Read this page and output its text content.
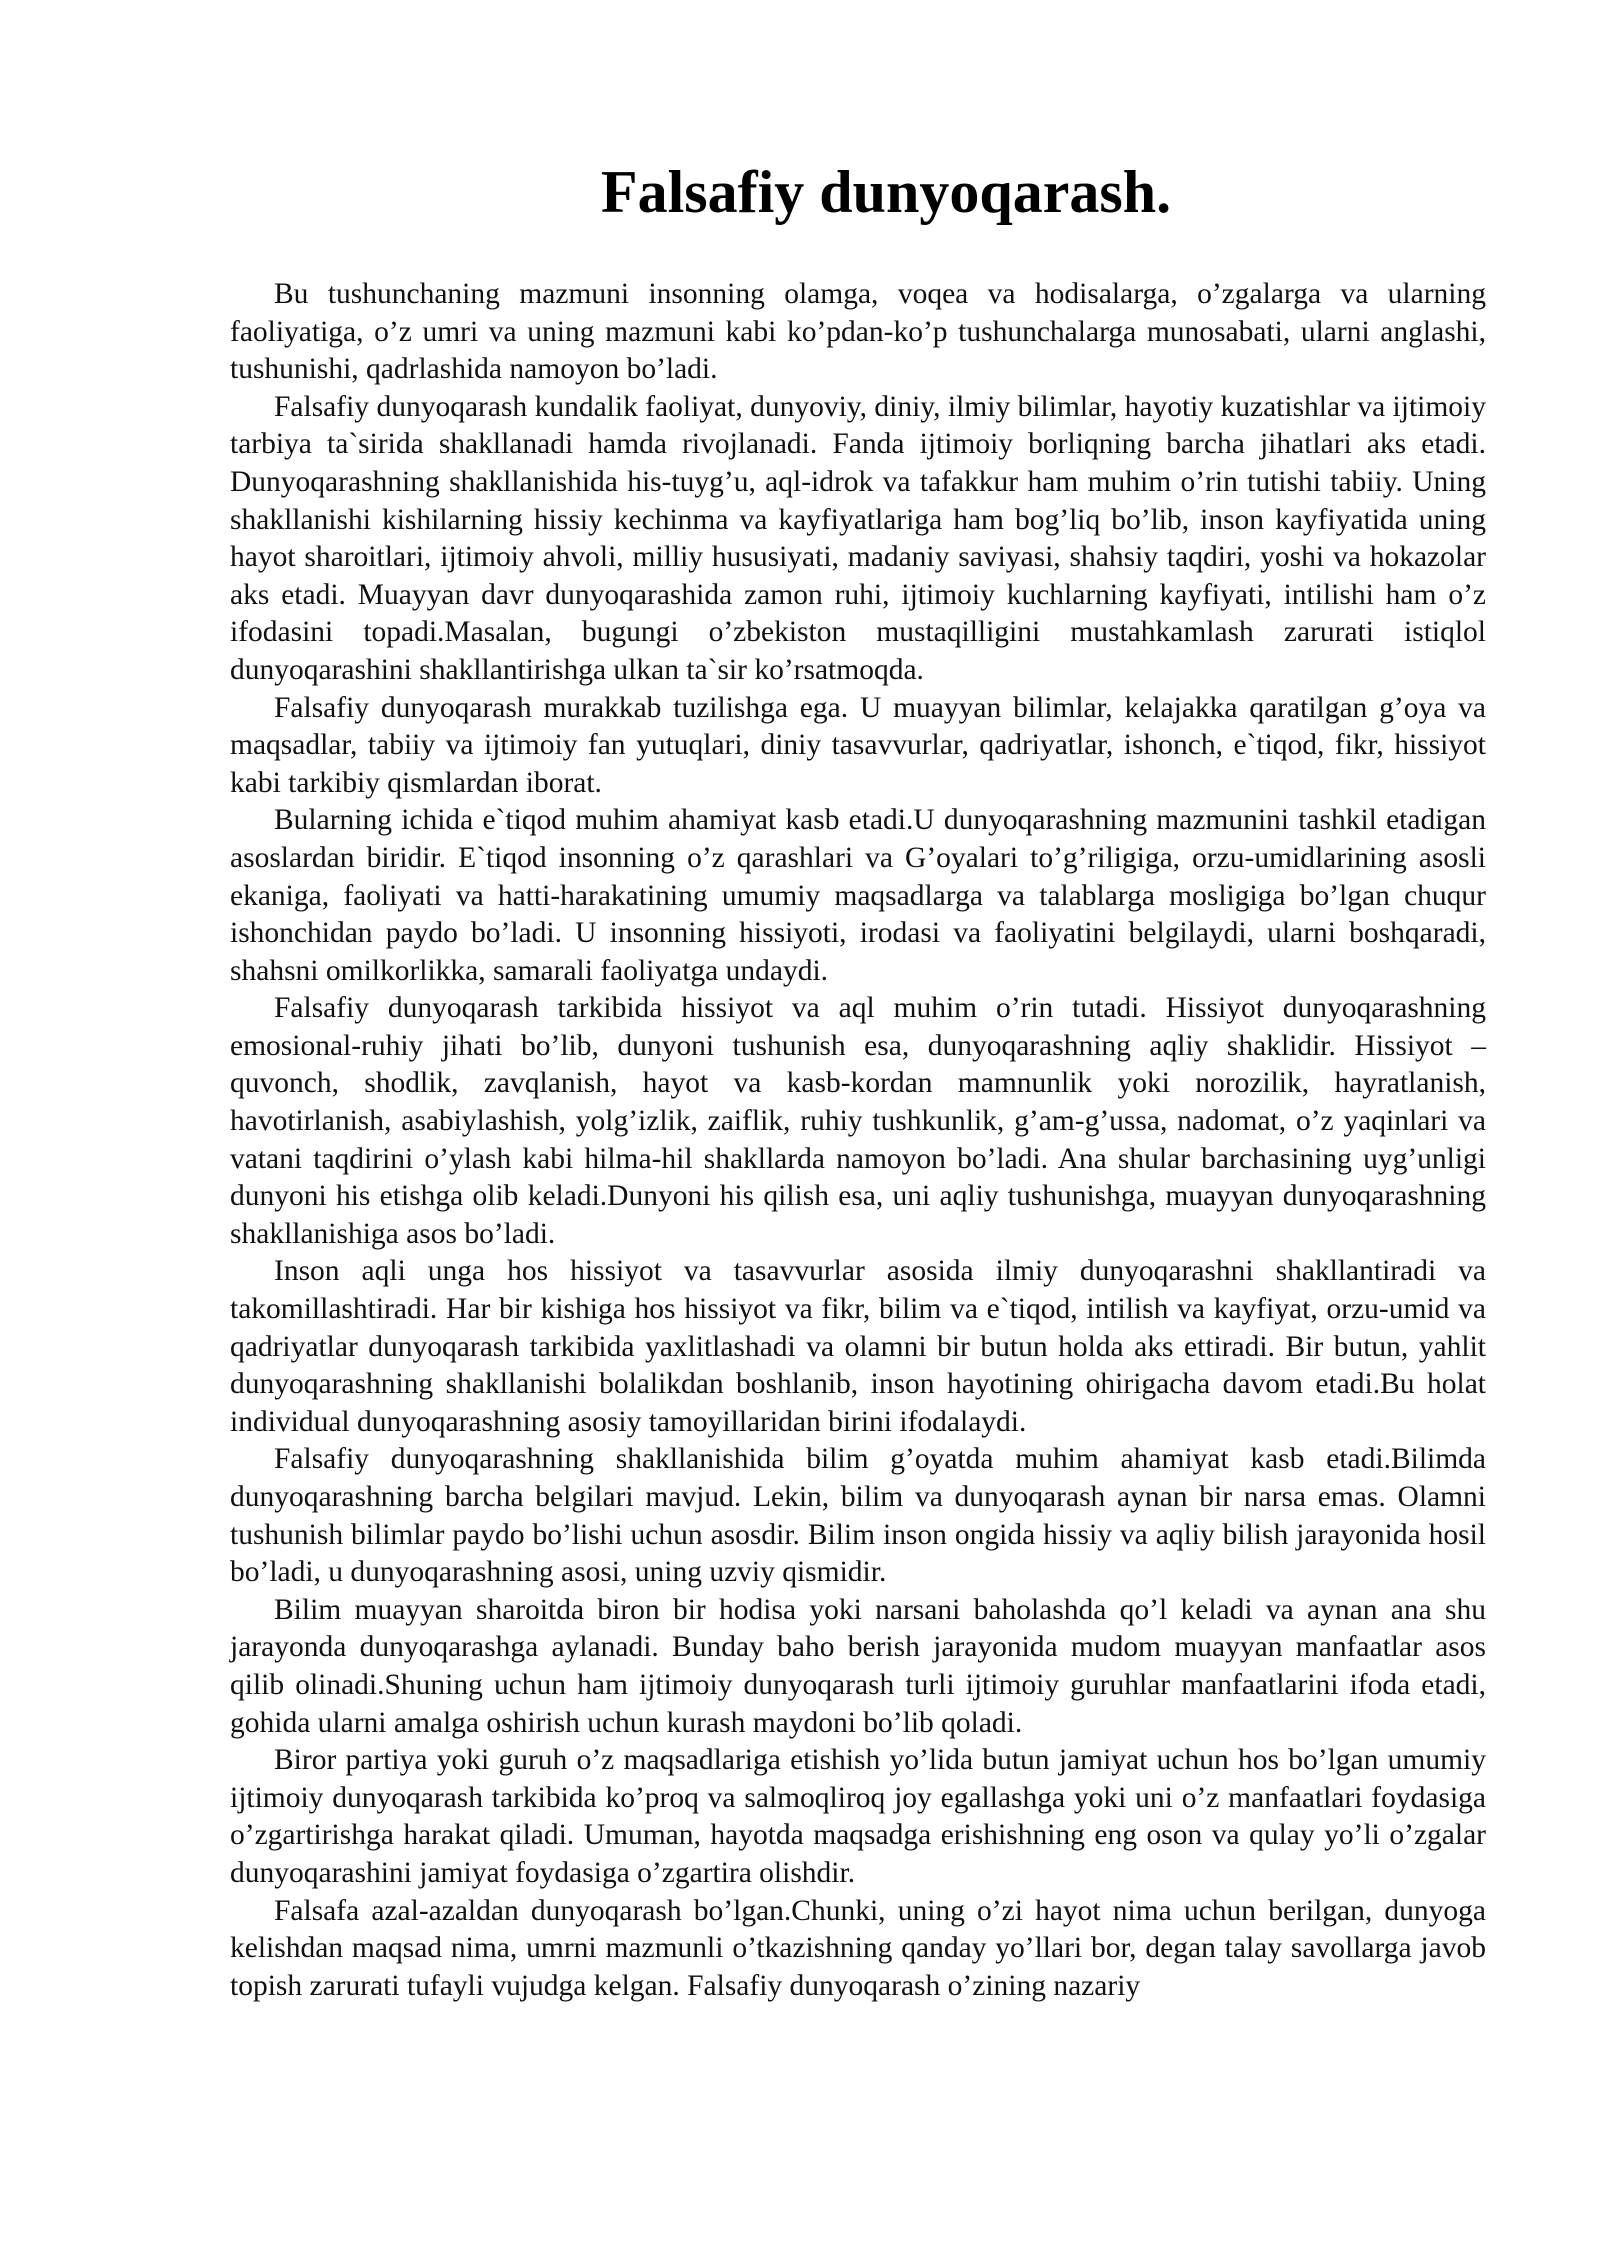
Falsafiy dunyoqarash.

Bu tushunchaning mazmuni insonning olamga, voqea va hodisalarga, o’zgalarga va ularning faoliyatiga, o’z umri va uning mazmuni kabi ko’pdan-ko’p tushunchalarga munosabati, ularni anglashi, tushunishi, qadrlashida namoyon bo’ladi.

Falsafiy dunyoqarash kundalik faoliyat, dunyoviy, diniy, ilmiy bilimlar, hayotiy kuzatishlar va ijtimoiy tarbiya ta`sirida shakllanadi hamda rivojlanadi. Fanda ijtimoiy borliqning barcha jihatlari aks etadi. Dunyoqarashning shakllanishida his-tuyg’u, aql-idrok va tafakkur ham muhim o’rin tutishi tabiiy. Uning shakllanishi kishilarning hissiy kechinma va kayfiyatlariga ham bog’liq bo’lib, inson kayfiyatida uning hayot sharoitlari, ijtimoiy ahvoli, milliy hususiyati, madaniy saviyasi, shahsiy taqdiri, yoshi va hokazolar aks etadi. Muayyan davr dunyoqarashida zamon ruhi, ijtimoiy kuchlarning kayfiyati, intilishi ham o’z ifodasini topadi.Masalan, bugungi o’zbekiston mustaqilligini mustahkamlash zarurati istiqlol dunyoqarashini shakllantirishga ulkan ta`sir ko’rsatmoqda.

Falsafiy dunyoqarash murakkab tuzilishga ega. U muayyan bilimlar, kelajakka qaratilgan g’oya va maqsadlar, tabiiy va ijtimoiy fan yutuqlari, diniy tasavvurlar, qadriyatlar, ishonch, e`tiqod, fikr, hissiyot kabi tarkibiy qismlardan iborat.

Bularning ichida e`tiqod muhim ahamiyat kasb etadi.U dunyoqarashning mazmunini tashkil etadigan asoslardan biridir. E`tiqod insonning o’z qarashlari va G’oyalari to’g’riligiga, orzu-umidlarining asosli ekaniga, faoliyati va hatti-harakatining umumiy maqsadlarga va talablarga mosligiga bo’lgan chuqur ishonchidan paydo bo’ladi. U insonning hissiyoti, irodasi va faoliyatini belgilaydi, ularni boshqaradi, shahsni omilkorlikka, samarali faoliyatga undaydi.

Falsafiy dunyoqarash tarkibida hissiyot va aql muhim o’rin tutadi. Hissiyot dunyoqarashning emosional-ruhiy jihati bo’lib, dunyoni tushunish esa, dunyoqarashning aqliy shaklidir. Hissiyot – quvonch, shodlik, zavqlanish, hayot va kasb-kordan mamnunlik yoki norozilik, hayratlanish, havotirlanish, asabiylashish, yolg’izlik, zaiflik, ruhiy tushkunlik, g’am-g’ussa, nadomat, o’z yaqinlari va vatani taqdirini o’ylash kabi hilma-hil shakllarda namoyon bo’ladi. Ana shular barchasining uyg’unligi dunyoni his etishga olib keladi.Dunyoni his qilish esa, uni aqliy tushunishga, muayyan dunyoqarashning shakllanishiga asos bo’ladi.

Inson aqli unga hos hissiyot va tasavvurlar asosida ilmiy dunyoqarashni shakllantiradi va takomillashtiradi. Har bir kishiga hos hissiyot va fikr, bilim va e`tiqod, intilish va kayfiyat, orzu-umid va qadriyatlar dunyoqarash tarkibida yaxlitlashadi va olamni bir butun holda aks ettiradi. Bir butun, yahlit dunyoqarashning shakllanishi bolalikdan boshlanib, inson hayotining ohirigacha davom etadi.Bu holat individual dunyoqarashning asosiy tamoyillaridan birini ifodalaydi.

Falsafiy dunyoqarashning shakllanishida bilim g’oyatda muhim ahamiyat kasb etadi.Bilimda dunyoqarashning barcha belgilari mavjud. Lekin, bilim va dunyoqarash aynan bir narsa emas. Olamni tushunish bilimlar paydo bo’lishi uchun asosdir. Bilim inson ongida hissiy va aqliy bilish jarayonida hosil bo’ladi, u dunyoqarashning asosi, uning uzviy qismidir.

Bilim muayyan sharoitda biron bir hodisa yoki narsani baholashda qo’l keladi va aynan ana shu jarayonda dunyoqarashga aylanadi. Bunday baho berish jarayonida mudom muayyan manfaatlar asos qilib olinadi.Shuning uchun ham ijtimoiy dunyoqarash turli ijtimoiy guruhlar manfaatlarini ifoda etadi, gohida ularni amalga oshirish uchun kurash maydoni bo’lib qoladi.

Biror partiya yoki guruh o’z maqsadlariga etishish yo’lida butun jamiyat uchun hos bo’lgan umumiy ijtimoiy dunyoqarash tarkibida ko’proq va salmoqliroq joy egallashga yoki uni o’z manfaatlari foydasiga o’zgartirishga harakat qiladi. Umuman, hayotda maqsadga erishishning eng oson va qulay yo’li o’zgalar dunyoqarashini jamiyat foydasiga o’zgartira olishdir.

Falsafa azal-azaldan dunyoqarash bo’lgan.Chunki, uning o’zi hayot nima uchun berilgan, dunyoga kelishdan maqsad nima, umrni mazmunli o’tkazishning qanday yo’llari bor, degan talay savollarga javob topish zarurati tufayli vujudga kelgan. Falsafiy dunyoqarash o’zining nazariy
